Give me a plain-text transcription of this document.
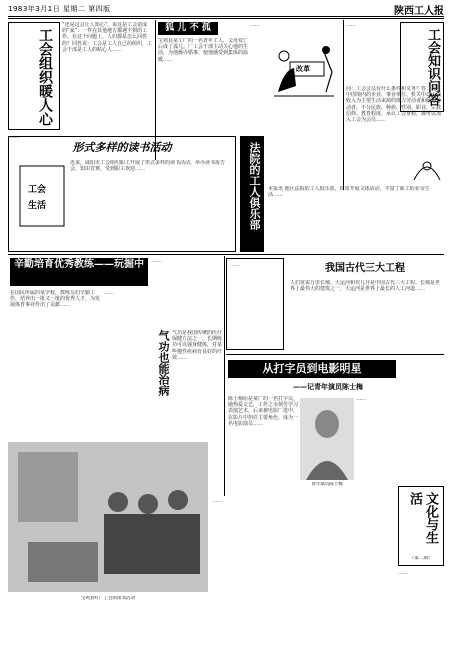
1983年3月1日 星期二 第四版	陕西工人报
工会组织暖人心
“还是这会让人知心”，说这是工会造成的“家”：一件在其他地方都遇不到的工作，在这个问题上，人们都是怎么回答的？回答说：工会是工人自己的组织，工会干部是工人的贴心人……
……
狐 儿 不 孤
宝鸡县某工厂的一名青年工人，父母双亡后成了孤儿。厂工会干部主动关心他的生活，为他操办婚事，使他感受到集体的温暖……
……
改革
……
工会知识问答
问：工会会员有什么条件和义务？答：凡在中国境内的企业、事业单位、机关中以工资收入为主要生活来源的体力劳动者和脑力劳动者，不分民族、种族、性别、职业、宗教信仰、教育程度，承认工会章程，都可以加入工会为会员……
形式多样的读书活动
工会
生活
近来，咸阳市工会组织职工开展了形式多样的读书活动，举办读书报告会、知识竞赛，受到职工欢迎……	法院的工人俱乐部 本报讯 地区法院的工人俱乐部，经常开展文体活动，丰富了职工的业余生活……
辛勤培育优秀教练——玩掘中
在国民所属的某学校，教练员们辛勤工作，培养出一批又一批的优秀人才，为发展体育事业作出了贡献……
……
……
气功也能治病 气功是我国传统的医疗保健方法之一，长期练功可以强身健体，对某些慢性疾病有良好的疗效……
……	我国古代三大工程
人们常说万里长城、大运河和坎儿井是中国古代三大工程。长城是世界上最伟大的建筑之一，大运河是世界上最长的人工河道……
从打字员到电影明星
——记青年演员陈士梅
陈士梅原是某厂的一名打字员，她热爱文艺，工作之余刻苦学习表演艺术，后来被电影厂选中，在影片中担任主要角色，成为一名电影演员……
青年演员陈士梅
……
文化与生活
（第二期）
宝鸡县红厂工会的读书活动
……
……
